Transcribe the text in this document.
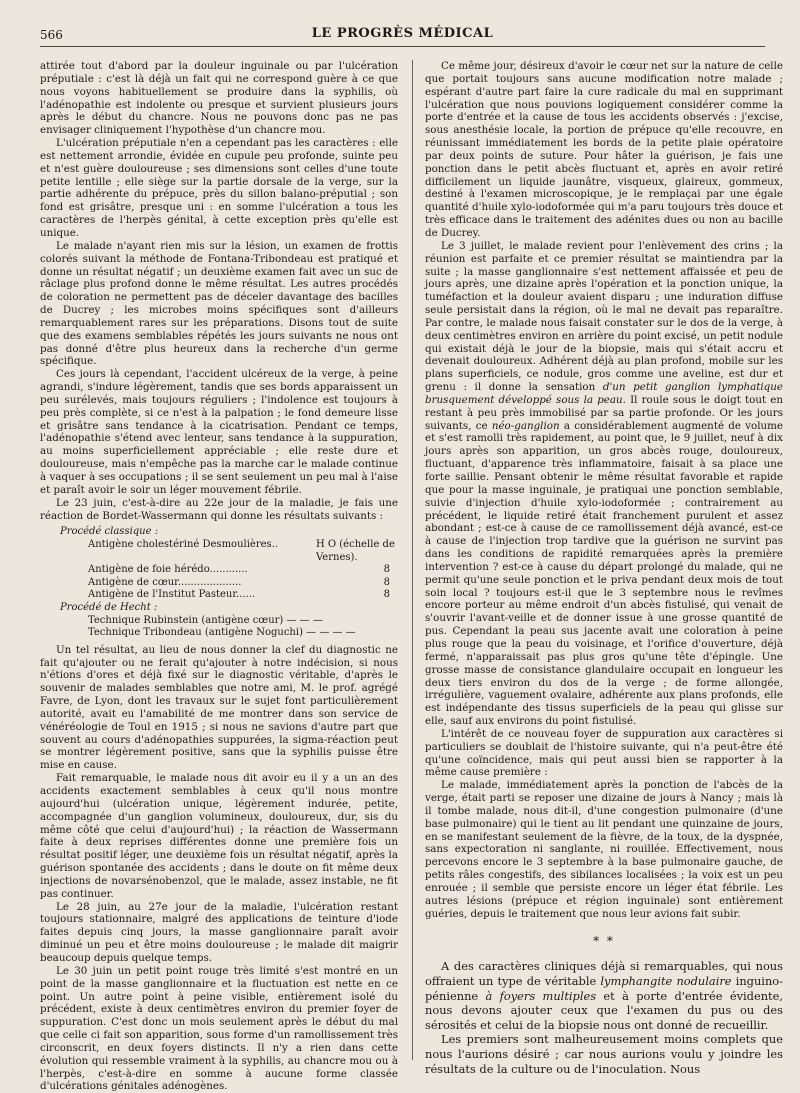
566	LE PROGRÈS MÉDICAL

attirée tout d'abord par la douleur inguinale ou par l'ulcération préputiale : c'est là déjà un fait qui ne correspond guère à ce que nous voyons habituellement se produire dans la syphilis, où l'adénopathie est indolente ou presque et survient plusieurs jours après le début du chancre. Nous ne pouvons donc pas ne pas envisager cliniquement l'hypothèse d'un chancre mou.

L'ulcération préputiale n'en a cependant pas les caractères : elle est nettement arrondie, évidée en cupule peu profonde, suinte peu et n'est guère douloureuse ; ses dimensions sont celles d'une toute petite lentille ; elle siège sur la partie dorsale de la verge, sur la partie adhérente du prépuce, près du sillon balano-préputial ; son fond est grisâtre, presque uni : en somme l'ulcération a tous les caractères de l'herpès génital, à cette exception près qu'elle est unique.

Le malade n'ayant rien mis sur la lésion, un examen de frottis colorés suivant la méthode de Fontana-Tribondeau est pratiqué et donne un résultat négatif ; un deuxième examen fait avec un suc de râclage plus profond donne le même résultat. Les autres procédés de coloration ne permettent pas de déceler davantage des bacilles de Ducrey ; les microbes moins spécifiques sont d'ailleurs remarquablement rares sur les préparations. Disons tout de suite que des examens semblables répétés les jours suivants ne nous ont pas donné d'être plus heureux dans la recherche d'un germe spécifique.

Ces jours là cependant, l'accident ulcéreux de la verge, à peine agrandi, s'indure légèrement, tandis que ses bords apparaissent un peu surélevés, mais toujours réguliers ; l'indolence est toujours à peu près complète, si ce n'est à la palpation ; le fond demeure lisse et grisâtre sans tendance à la cicatrisation. Pendant ce temps, l'adénopathie s'étend avec lenteur, sans tendance à la suppuration, au moins superficiellement appréciable ; elle reste dure et douloureuse, mais n'empêche pas la marche car le malade continue à vaquer à ses occupations ; il se sent seulement un peu mal à l'aise et paraît avoir le soir un léger mouvement fébrile.

Le 23 juin, c'est-à-dire au 22e jour de la maladie, je fais une réaction de Bordet-Wassermann qui donne les résultats suivants :

Procédé classique :
Antigène cholestériné Desmoulières..	H O (échelle de Vernes).
Antigène de foie hérédo............	8
Antigène de cœur....................	8
Antigène de l'Institut Pasteur......	8
Procédé de Hecht :
Technique Rubinstein (antigène cœur) — — —
Technique Tribondeau (antigène Noguchi) — — — —

Un tel résultat, au lieu de nous donner la clef du diagnostic ne fait qu'ajouter ou ne ferait qu'ajouter à notre indécision, si nous n'étions d'ores et déjà fixé sur le diagnostic véritable, d'après le souvenir de malades semblables que notre ami, M. le prof. agrégé Favre, de Lyon, dont les travaux sur le sujet font particulièrement autorité, avait eu l'amabilité de me montrer dans son service de vénéréologie de Toul en 1915 ; si nous ne savions d'autre part que souvent au cours d'adénopathies suppurées, la sigma-réaction peut se montrer légèrement positive, sans que la syphilis puisse être mise en cause.

Fait remarquable, le malade nous dit avoir eu il y a un an des accidents exactement semblables à ceux qu'il nous montre aujourd'hui (ulcération unique, légèrement indurée, petite, accompagnée d'un ganglion volumineux, douloureux, dur, sis du même côté que celui d'aujourd'hui) ; la réaction de Wassermann faite à deux reprises différentes donne une première fois un résultat positif léger, une deuxième fois un résultat négatif, après la guérison spontanée des accidents ; dans le doute on fit même deux injections de novarsénobenzol, que le malade, assez instable, ne fit pas continuer.

Le 28 juin, au 27e jour de la maladie, l'ulcération restant toujours stationnaire, malgré des applications de teinture d'iode faites depuis cinq jours, la masse ganglionnaire paraît avoir diminué un peu et être moins douloureuse ; le malade dit maigrir beaucoup depuis quelque temps.

Le 30 juin un petit point rouge très limité s'est montré en un point de la masse ganglionnaire et la fluctuation est nette en ce point. Un autre point à peine visible, entièrement isolé du précédent, existe à deux centimètres environ du premier foyer de suppuration. C'est donc un mois seulement après le début du mal que celle ci fait son apparition, sous forme d'un ramollissement très circonscrit, en deux foyers distincts. Il n'y a rien dans cette évolution qui ressemble vraiment à la syphilis, au chancre mou ou à l'herpès, c'est-à-dire en somme à aucune forme classée d'ulcérations génitales adénogènes.

Ce même jour, désireux d'avoir le cœur net sur la nature de celle que portait toujours sans aucune modification notre malade ; espérant d'autre part faire la cure radicale du mal en supprimant l'ulcération que nous pouvions logiquement considérer comme la porte d'entrée et la cause de tous les accidents observés : j'excise, sous anesthésie locale, la portion de prépuce qu'elle recouvre, en réunissant immédiatement les bords de la petite plaie opératoire par deux points de suture. Pour hâter la guérison, je fais une ponction dans le petit abcès fluctuant et, après en avoir retiré difficilement un liquide jaunâtre, visqueux, glaireux, gommeux, destiné à l'examen microscopique, je le remplaçai par une égale quantité d'huile xylo-iodoformée qui m'a paru toujours très douce et très efficace dans le traitement des adénites dues ou non au bacille de Ducrey.

Le 3 juillet, le malade revient pour l'enlèvement des crins ; la réunion est parfaite et ce premier résultat se maintiendra par la suite ; la masse ganglionnaire s'est nettement affaissée et peu de jours après, une dizaine après l'opération et la ponction unique, la tuméfaction et la douleur avaient disparu ; une induration diffuse seule persistait dans la région, où le mal ne devait pas reparaître. Par contre, le malade nous faisait constater sur le dos de la verge, à deux centimètres environ en arrière du point excisé, un petit nodule qui existait déjà le jour de la biopsie, mais qui s'était accru et devenait douloureux. Adhérent déjà au plan profond, mobile sur les plans superficiels, ce nodule, gros comme une aveline, est dur et grenu : il donne la sensation d'un petit ganglion lymphatique brusquement développé sous la peau. Il roule sous le doigt tout en restant à peu près immobilisé par sa partie profonde. Or les jours suivants, ce néo-ganglion a considérablement augmenté de volume et s'est ramolli très rapidement, au point que, le 9 juillet, neuf à dix jours après son apparition, un gros abcès rouge, douloureux, fluctuant, d'apparence très inflammatoire, faisait à sa place une forte saillie. Pensant obtenir le même résultat favorable et rapide que pour la masse inguinale, je pratiquai une ponction semblable, suivie d'injection d'huile xylo-iodoformée ; contrairement au précédent, le liquide retiré était franchement purulent et assez abondant ; est-ce à cause de ce ramollissement déjà avancé, est-ce à cause de l'injection trop tardive que la guérison ne survint pas dans les conditions de rapidité remarquées après la première intervention ? est-ce à cause du départ prolongé du malade, qui ne permit qu'une seule ponction et le priva pendant deux mois de tout soin local ? toujours est-il que le 3 septembre nous le revîmes encore porteur au même endroit d'un abcès fistulisé, qui venait de s'ouvrir l'avant-veille et de donner issue à une grosse quantité de pus. Cependant la peau sus jacente avait une coloration à peine plus rouge que la peau du voisinage, et l'orifice d'ouverture, déjà fermé, n'apparaissait pas plus gros qu'une tête d'épingle. Une grosse masse de consistance glandulaire occupait en longueur les deux tiers environ du dos de la verge ; de forme allongée, irrégulière, vaguement ovalaire, adhérente aux plans profonds, elle est indépendante des tissus superficiels de la peau qui glisse sur elle, sauf aux environs du point fistulisé.

L'intérêt de ce nouveau foyer de suppuration aux caractères si particuliers se doublait de l'histoire suivante, qui n'a peut-être été qu'une coïncidence, mais qui peut aussi bien se rapporter à la même cause première :

Le malade, immédiatement après la ponction de l'abcès de la verge, était parti se reposer une dizaine de jours à Nancy ; mais là il tombe malade, nous dit-il, d'une congestion pulmonaire (d'une base pulmonaire) qui le tient au lit pendant une quinzaine de jours, en se manifestant seulement de la fièvre, de la toux, de la dyspnée, sans expectoration ni sanglante, ni rouillée. Effectivement, nous percevons encore le 3 septembre à la base pulmonaire gauche, de petits râles congestifs, des sibilances localisées ; la voix est un peu enrouée ; il semble que persiste encore un léger état fébrile. Les autres lésions (prépuce et région inguinale) sont entièrement guéries, depuis le traitement que nous leur avions fait subir.

* *

A des caractères cliniques déjà si remarquables, qui nous offraient un type de véritable lymphangite nodulaire inguino-pénienne à foyers multiples et à porte d'entrée évidente, nous devons ajouter ceux que l'examen du pus ou des sérosités et celui de la biopsie nous ont donné de recueillir.

Les premiers sont malheureusement moins complets que nous l'aurions désiré ; car nous aurions voulu y joindre les résultats de la culture ou de l'inoculation. Nous
